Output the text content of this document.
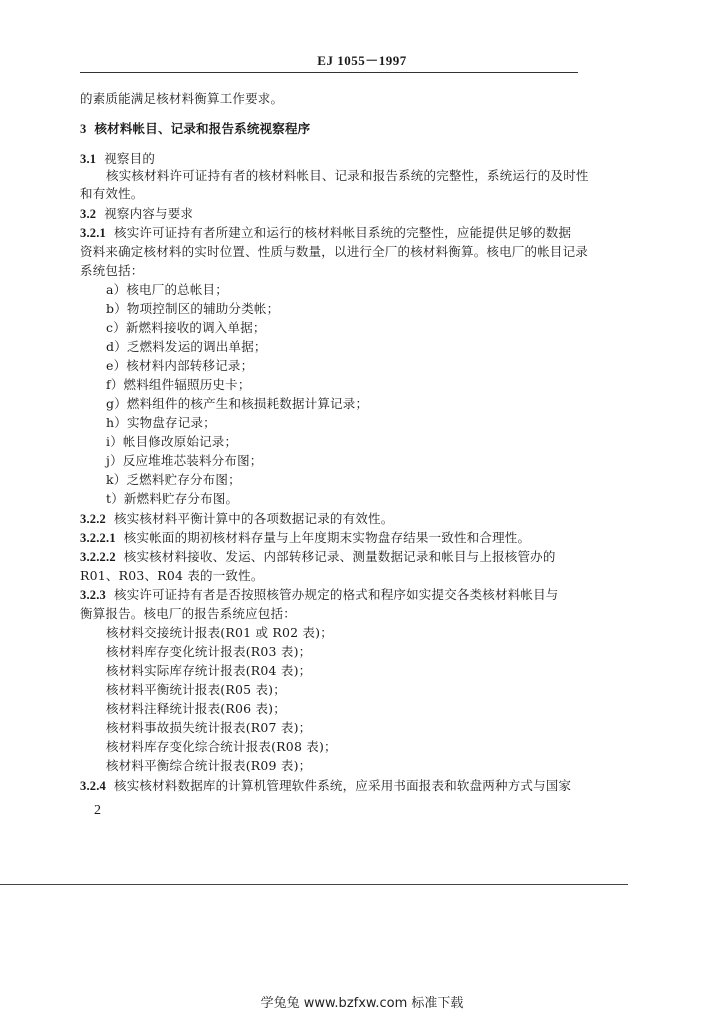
EJ 1055－1997
的素质能满足核材料衡算工作要求。
3 核材料帐目、记录和报告系统视察程序
3.1 视察目的
核实核材料许可证持有者的核材料帐目、记录和报告系统的完整性，系统运行的及时性
和有效性。
3.2 视察内容与要求
3.2.1 核实许可证持有者所建立和运行的核材料帐目系统的完整性，应能提供足够的数据
资料来确定核材料的实时位置、性质与数量，以进行全厂的核材料衡算。核电厂的帐目记录
系统包括：
a）核电厂的总帐目；
b）物项控制区的辅助分类帐；
c）新燃料接收的调入单据；
d）乏燃料发运的调出单据；
e）核材料内部转移记录；
f）燃料组件辐照历史卡；
g）燃料组件的核产生和核损耗数据计算记录；
h）实物盘存记录；
i）帐目修改原始记录；
j）反应堆堆芯装料分布图；
k）乏燃料贮存分布图；
t）新燃料贮存分布图。
3.2.2 核实核材料平衡计算中的各项数据记录的有效性。
3.2.2.1 核实帐面的期初核材料存量与上年度期末实物盘存结果一致性和合理性。
3.2.2.2 核实核材料接收、发运、内部转移记录、测量数据记录和帐目与上报核管办的
R01、R03、R04 表的一致性。
3.2.3 核实许可证持有者是否按照核管办规定的格式和程序如实提交各类核材料帐目与
衡算报告。核电厂的报告系统应包括：
核材料交接统计报表(R01 或 R02 表)；
核材料库存变化统计报表(R03 表)；
核材料实际库存统计报表(R04 表)；
核材料平衡统计报表(R05 表)；
核材料注释统计报表(R06 表)；
核材料事故损失统计报表(R07 表)；
核材料库存变化综合统计报表(R08 表)；
核材料平衡综合统计报表(R09 表)；
3.2.4 核实核材料数据库的计算机管理软件系统，应采用书面报表和软盘两种方式与国家
2
学兔兔 www.bzfxw.com 标准下载
